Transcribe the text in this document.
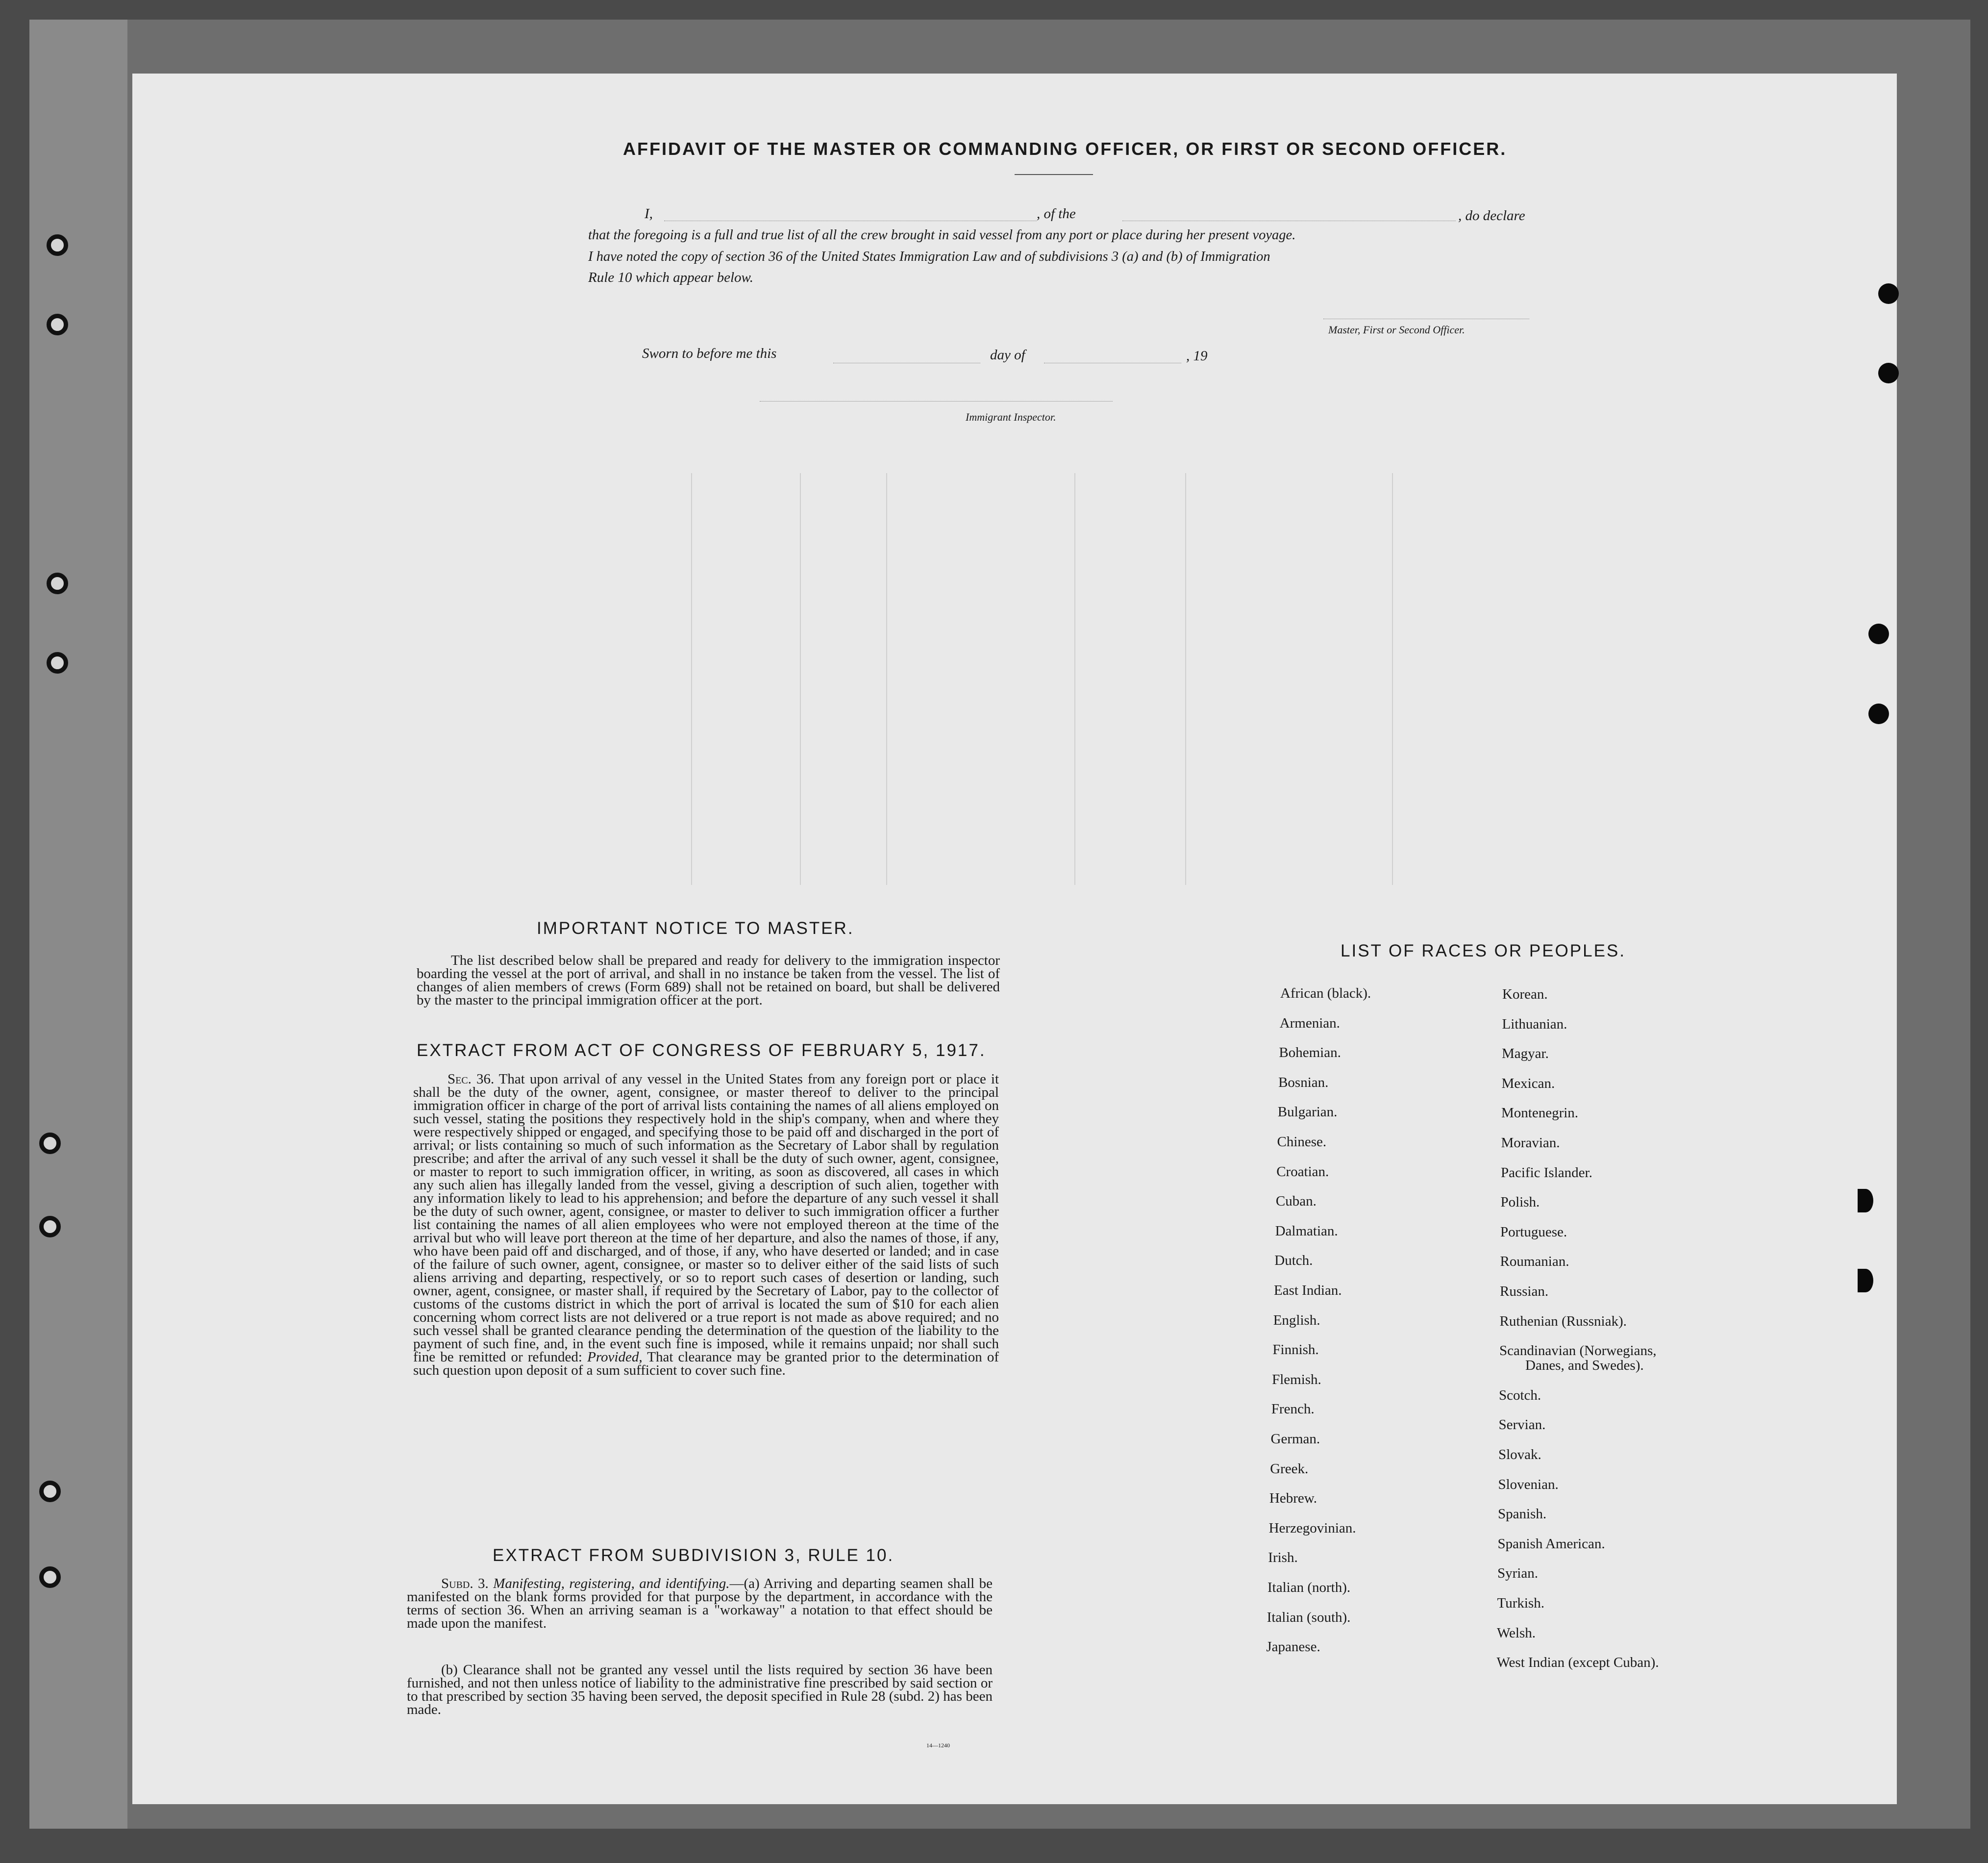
AFFIDAVIT OF THE MASTER OR COMMANDING OFFICER, OR FIRST OR SECOND OFFICER.
I,	, of the	, do declare
that the foregoing is a full and true list of all the crew brought in said vessel from any port or place during her present voyage.
I have noted the copy of section 36 of the United States Immigration Law and of subdivisions 3 (a) and (b) of Immigration
Rule 10 which appear below.
Master, First or Second Officer.
Sworn to before me this	day of	, 19
Immigrant Inspector.
IMPORTANT NOTICE TO MASTER.
The list described below shall be prepared and ready for delivery to the immigration inspector boarding the vessel at the port of arrival, and shall in no instance be taken from the vessel. The list of changes of alien members of crews (Form 689) shall not be retained on board, but shall be delivered by the master to the principal immigration officer at the port.
EXTRACT FROM ACT OF CONGRESS OF FEBRUARY 5, 1917.
Sec. 36. That upon arrival of any vessel in the United States from any foreign port or place it shall be the duty of the owner, agent, consignee, or master thereof to deliver to the principal immigration officer in charge of the port of arrival lists containing the names of all aliens employed on such vessel, stating the positions they respectively hold in the ship's company, when and where they were respectively shipped or engaged, and specifying those to be paid off and discharged in the port of arrival; or lists containing so much of such information as the Secretary of Labor shall by regulation prescribe; and after the arrival of any such vessel it shall be the duty of such owner, agent, consignee, or master to report to such immigration officer, in writing, as soon as discovered, all cases in which any such alien has illegally landed from the vessel, giving a description of such alien, together with any information likely to lead to his apprehension; and before the departure of any such vessel it shall be the duty of such owner, agent, consignee, or master to deliver to such immigration officer a further list containing the names of all alien employees who were not employed thereon at the time of the arrival but who will leave port thereon at the time of her departure, and also the names of those, if any, who have been paid off and discharged, and of those, if any, who have deserted or landed; and in case of the failure of such owner, agent, consignee, or master so to deliver either of the said lists of such aliens arriving and departing, respectively, or so to report such cases of desertion or landing, such owner, agent, consignee, or master shall, if required by the Secretary of Labor, pay to the collector of customs of the customs district in which the port of arrival is located the sum of $10 for each alien concerning whom correct lists are not delivered or a true report is not made as above required; and no such vessel shall be granted clearance pending the determination of the question of the liability to the payment of such fine, and, in the event such fine is imposed, while it remains unpaid; nor shall such fine be remitted or refunded: Provided, That clearance may be granted prior to the determination of such question upon deposit of a sum sufficient to cover such fine.
EXTRACT FROM SUBDIVISION 3, RULE 10.
Subd. 3. Manifesting, registering, and identifying.—(a) Arriving and departing seamen shall be manifested on the blank forms provided for that purpose by the department, in accordance with the terms of section 36. When an arriving seaman is a "workaway" a notation to that effect should be made upon the manifest.
(b) Clearance shall not be granted any vessel until the lists required by section 36 have been furnished, and not then unless notice of liability to the administrative fine prescribed by said section or to that prescribed by section 35 having been served, the deposit specified in Rule 28 (subd. 2) has been made.
14—1240
LIST OF RACES OR PEOPLES.
African (black).
Armenian.
Bohemian.
Bosnian.
Bulgarian.
Chinese.
Croatian.
Cuban.
Dalmatian.
Dutch.
East Indian.
English.
Finnish.
Flemish.
French.
German.
Greek.
Hebrew.
Herzegovinian.
Irish.
Italian (north).
Italian (south).
Japanese.
Korean.
Lithuanian.
Magyar.
Mexican.
Montenegrin.
Moravian.
Pacific Islander.
Polish.
Portuguese.
Roumanian.
Russian.
Ruthenian (Russniak).
Scandinavian (Norwegians,
Danes, and Swedes).
Scotch.
Servian.
Slovak.
Slovenian.
Spanish.
Spanish American.
Syrian.
Turkish.
Welsh.
West Indian (except Cuban).
